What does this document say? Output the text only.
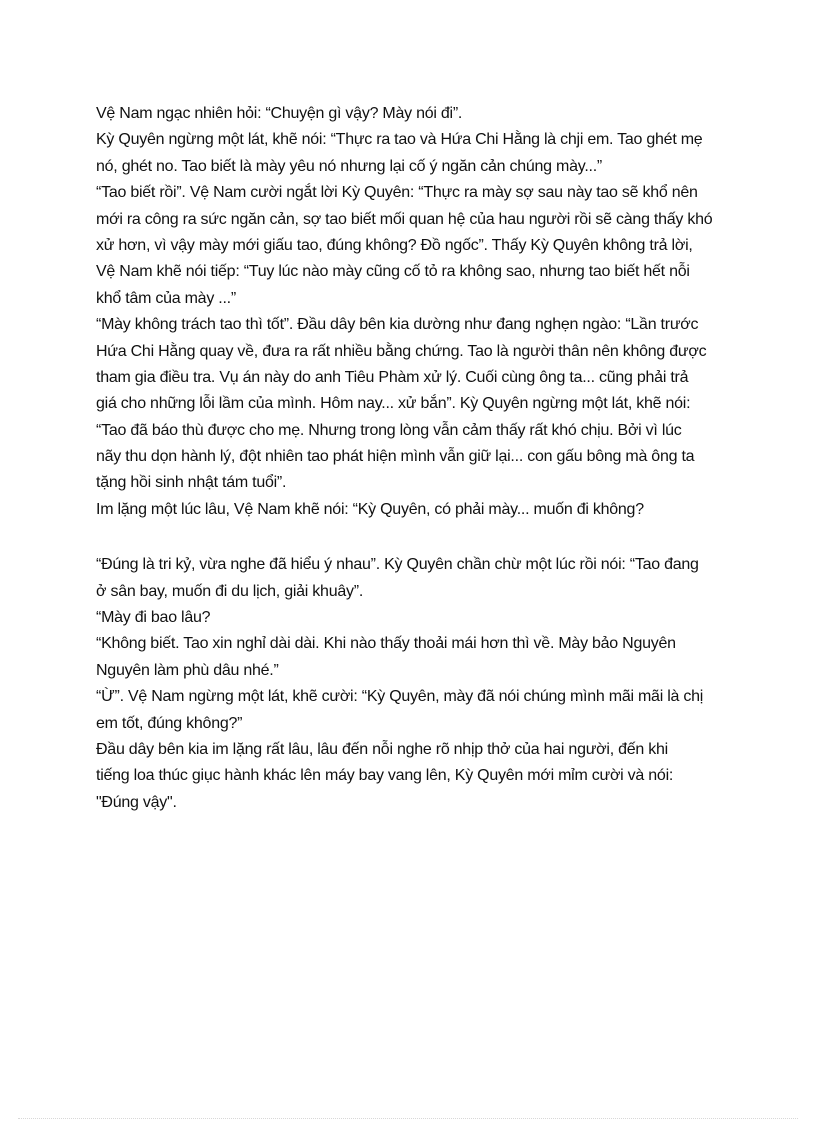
Vệ Nam ngạc nhiên hỏi: “Chuyện gì vậy? Mày nói đi”.
Kỳ Quyên ngừng một lát, khẽ nói: “Thực ra tao và Hứa Chi Hằng là chji em. Tao ghét mẹ
nó, ghét no. Tao biết là mày yêu nó nhưng lại cố ý ngăn cản chúng mày...”
“Tao biết rồi”. Vệ Nam cười ngắt lời Kỳ Quyên: “Thực ra mày sợ sau này tao sẽ khổ nên
mới ra công ra sức ngăn cản, sợ tao biết mối quan hệ của hau người rồi sẽ càng thấy khó
xử hơn, vì vậy mày mới giấu tao, đúng không? Đồ ngốc”. Thấy Kỳ Quyên không trả lời,
Vệ Nam khẽ nói tiếp: “Tuy lúc nào mày cũng cố tỏ ra không sao, nhưng tao biết hết nỗi
khổ tâm của mày ...”
“Mày không trách tao thì tốt”. Đầu dây bên kia dường như đang nghẹn ngào: “Lần trước
Hứa Chi Hằng quay về, đưa ra rất nhiều bằng chứng. Tao là người thân nên không được
tham gia điều tra. Vụ án này do anh Tiêu Phàm xử lý. Cuối cùng ông ta... cũng phải trả
giá cho những lỗi lầm của mình. Hôm nay... xử bắn”. Kỳ Quyên ngừng một lát, khẽ nói:
“Tao đã báo thù được cho mẹ. Nhưng trong lòng vẫn cảm thấy rất khó chịu. Bởi vì lúc
nãy thu dọn hành lý, đột nhiên tao phát hiện mình vẫn giữ lại... con gấu bông mà ông ta
tặng hồi sinh nhật tám tuổi”.
Im lặng một lúc lâu, Vệ Nam khẽ nói: “Kỳ Quyên, có phải mày... muốn đi không?
“Đúng là tri kỷ, vừa nghe đã hiểu ý nhau”. Kỳ Quyên chần chừ một lúc rồi nói: “Tao đang
ở sân bay, muốn đi du lịch, giải khuây”.
“Mày đi bao lâu?
“Không biết. Tao xin nghỉ dài dài. Khi nào thấy thoải mái hơn thì về. Mày bảo Nguyên
Nguyên làm phù dâu nhé.”
“Ừ”. Vệ Nam ngừng một lát, khẽ cười: “Kỳ Quyên, mày đã nói chúng mình mãi mãi là chị
em tốt, đúng không?”
Đầu dây bên kia im lặng rất lâu, lâu đến nỗi nghe rõ nhịp thở của hai người, đến khi
tiếng loa thúc giục hành khác lên máy bay vang lên, Kỳ Quyên mới mỉm cười và nói:
"Đúng vậy".
